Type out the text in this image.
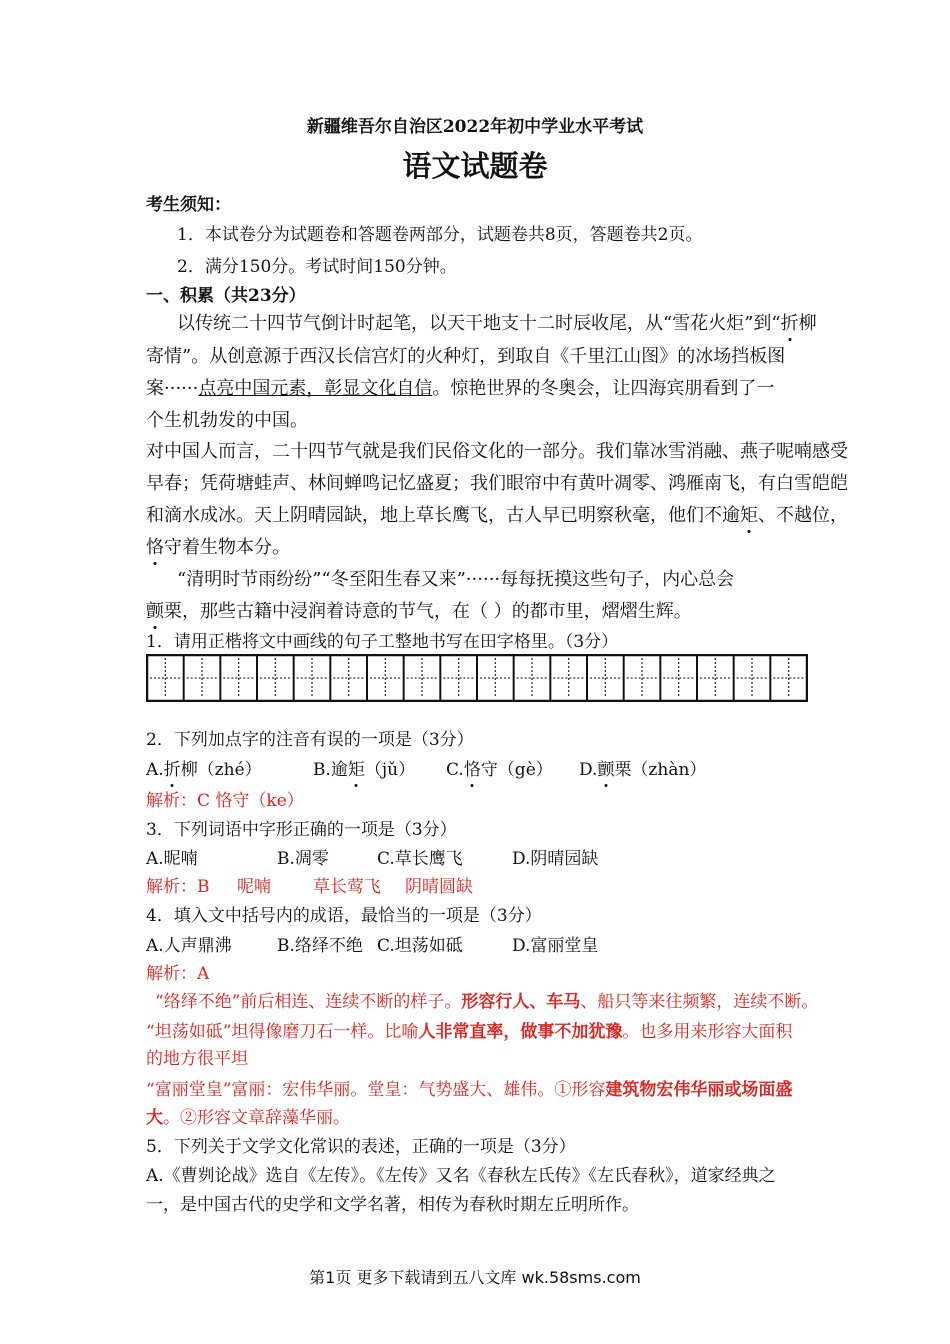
新疆维吾尔自治区2022年初中学业水平考试
语文试题卷
考生须知：
1．本试卷分为试题卷和答题卷两部分，试题卷共8页，答题卷共2页。
2．满分150分。考试时间150分钟。
一、积累（共23分）
以传统二十四节气倒计时起笔，以天干地支十二时辰收尾，从“雪花火炬”到“折柳
寄情”。从创意源于西汉长信宫灯的火种灯，到取自《千里江山图》的冰场挡板图
案······点亮中国元素，彰显文化自信。惊艳世界的冬奥会，让四海宾朋看到了一
个生机勃发的中国。
对中国人而言，二十四节气就是我们民俗文化的一部分。我们靠冰雪消融、燕子呢喃感受
早春；凭荷塘蛙声、林间蝉鸣记忆盛夏；我们眼帘中有黄叶凋零、鸿雁南飞，有白雪皑皑
和滴水成冰。天上阴晴园缺，地上草长鹰飞，古人早已明察秋毫，他们不逾矩、不越位，
恪守着生物本分。
“清明时节雨纷纷”“冬至阳生春又来”······每每抚摸这些句子，内心总会
颤栗，那些古籍中浸润着诗意的节气，在（ ）的都市里，熠熠生辉。
1．请用正楷将文中画线的句子工整地书写在田字格里。（3分）
2．下列加点字的注音有误的一项是（3分）
A.折柳（zhé）	B.逾矩（jǔ） C.恪守（gè） D.颤栗（zhàn）
解析：C 恪守（ke）
3．下列词语中字形正确的一项是（3分）
A.昵喃	B.凋零	C.草长鹰飞	D.阴晴园缺
解析：B 呢喃 草长莺飞 阴晴圆缺
4．填入文中括号内的成语，最恰当的一项是（3分）
A.人声鼎沸	B.络绎不绝 C.坦荡如砥	D.富丽堂皇
解析：A
“络绎不绝”前后相连、连续不断的样子。形容行人、车马、船只等来往频繁，连续不断。
“坦荡如砥”坦得像磨刀石一样。比喻人非常直率，做事不加犹豫。也多用来形容大面积
的地方很平坦
“富丽堂皇”富丽：宏伟华丽。堂皇：气势盛大、雄伟。①形容建筑物宏伟华丽或场面盛
大。②形容文章辞藻华丽。
5．下列关于文学文化常识的表述，正确的一项是（3分）
A.《曹刿论战》选自《左传》。《左传》又名《春秋左氏传》《左氏春秋》，道家经典之
一，是中国古代的史学和文学名著，相传为春秋时期左丘明所作。
第1页 更多下载请到五八文库 wk.58sms.com
